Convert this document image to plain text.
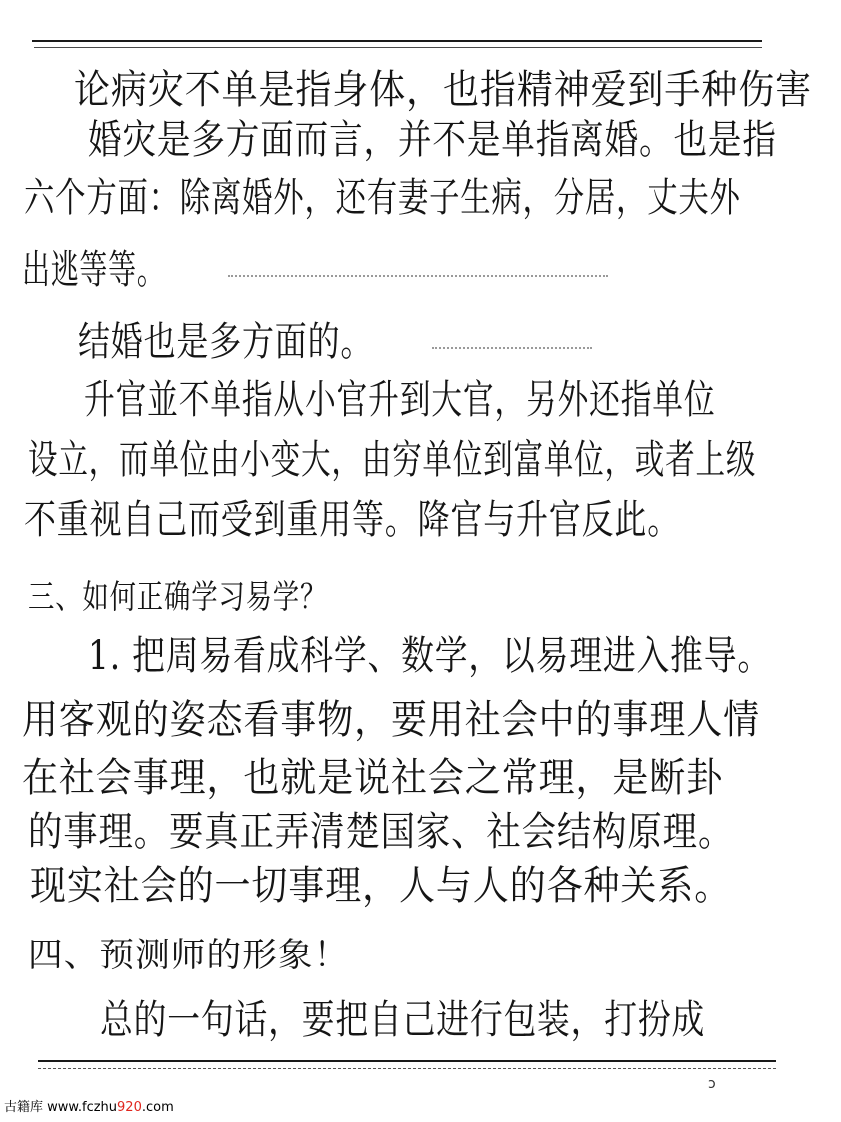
论病灾不单是指身体，也指精神爱到手种伤害
婚灾是多方面而言，并不是单指离婚。也是指
六个方面：除离婚外，还有妻子生病，分居，丈夫外
出逃等等。
结婚也是多方面的。
升官並不单指从小官升到大官，另外还指单位
设立，而单位由小变大，由穷单位到富单位，或者上级
不重视自己而受到重用等。降官与升官反此。
三、如何正确学习易学？
1. 把周易看成科学、数学，以易理进入推导。
用客观的姿态看事物，要用社会中的事理人情
在社会事理，也就是说社会之常理，是断卦
的事理。要真正弄清楚国家、社会结构原理。
现实社会的一切事理，人与人的各种关系。
四、预测师的形象！
总的一句话，要把自己进行包装，打扮成
ɔ
古籍库 www.fczhu920.com
